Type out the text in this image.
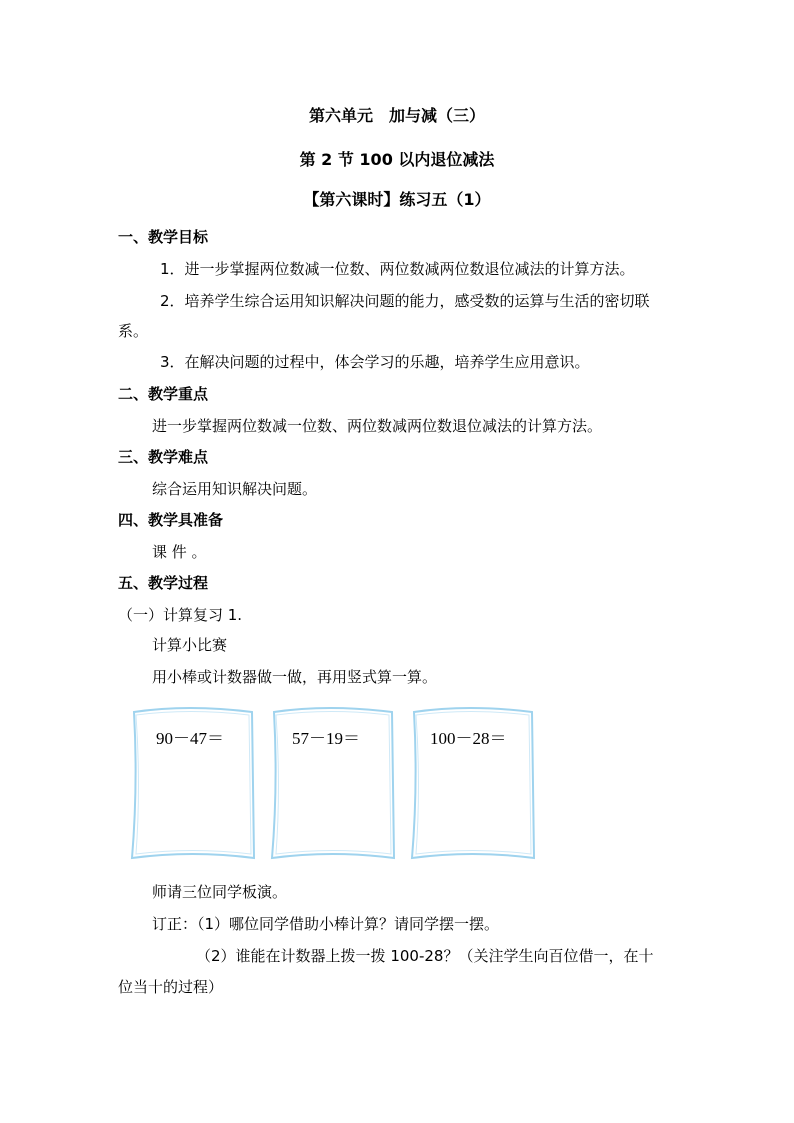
第六单元　加与减（三）
第 2 节 100 以内退位减法
【第六课时】练习五（1）
一、教学目标
1．进一步掌握两位数减一位数、两位数减两位数退位减法的计算方法。
2．培养学生综合运用知识解决问题的能力，感受数的运算与生活的密切联
系。
3．在解决问题的过程中，体会学习的乐趣，培养学生应用意识。
二、教学重点
进一步掌握两位数减一位数、两位数减两位数退位减法的计算方法。
三、教学难点
综合运用知识解决问题。
四、教学具准备
课 件 。
五、教学过程
（一）计算复习 1.
计算小比赛
用小棒或计数器做一做，再用竖式算一算。
90－47＝	57－19＝	100－28＝
师请三位同学板演。
订正：（1）哪位同学借助小棒计算？请同学摆一摆。
（2）谁能在计数器上拨一拨 100-28？（关注学生向百位借一，在十
位当十的过程）
